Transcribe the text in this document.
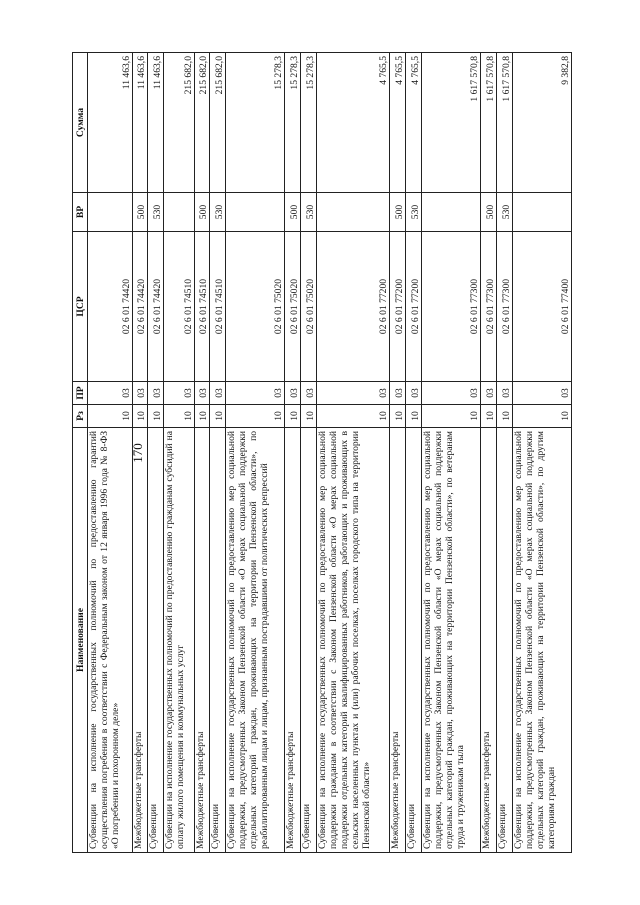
170
Наименование	Рз	ПР	ЦСР	ВР	Сумма
Субвенции на исполнение государственных полномочий по предоставлению гарантий осуществления погребения в соответствии с Федеральным законом от 12 января 1996 года № 8-ФЗ «О погребении и похоронном деле»	10	03	02 6 01 74420		11 463,6
Межбюджетные трансферты	10	03	02 6 01 74420	500	11 463,6
Субвенции	10	03	02 6 01 74420	530	11 463,6
Субвенции на исполнение государственных полномочий по предоставлению гражданам субсидий на оплату жилого помещения и коммунальных услуг	10	03	02 6 01 74510		215 682,0
Межбюджетные трансферты	10	03	02 6 01 74510	500	215 682,0
Субвенции	10	03	02 6 01 74510	530	215 682,0
Субвенции на исполнение государственных полномочий по предоставлению мер социальной поддержки, предусмотренных Законом Пензенской области «О мерах социальной поддержки отдельных категорий граждан, проживающих на территории Пензенской области», по реабилитированным лицам и лицам, признанным пострадавшими от политических репрессий	10	03	02 6 01 75020		15 278,3
Межбюджетные трансферты	10	03	02 6 01 75020	500	15 278,3
Субвенции	10	03	02 6 01 75020	530	15 278,3
Субвенции на исполнение государственных полномочий по предоставлению мер социальной поддержки гражданам в соответствии с Законом Пензенской области «О мерах социальной поддержки отдельных категорий квалифицированных работников, работающих и проживающих в сельских населенных пунктах и (или) рабочих поселках, поселках городского типа на территории Пензенской области»	10	03	02 6 01 77200		4 765,5
Межбюджетные трансферты	10	03	02 6 01 77200	500	4 765,5
Субвенции	10	03	02 6 01 77200	530	4 765,5
Субвенции на исполнение государственных полномочий по предоставлению мер социальной поддержки, предусмотренных Законом Пензенской области «О мерах социальной поддержки отдельных категорий граждан, проживающих на территории Пензенской области», по ветеранам труда и труженикам тыла	10	03	02 6 01 77300		1 617 570,8
Межбюджетные трансферты	10	03	02 6 01 77300	500	1 617 570,8
Субвенции	10	03	02 6 01 77300	530	1 617 570,8
Субвенции на исполнение государственных полномочий по предоставлению мер социальной поддержки, предусмотренных Законом Пензенской области «О мерах социальной поддержки отдельных категорий граждан, проживающих на территории Пензенской области», по другим категориям граждан	10	03	02 6 01 77400		9 382,8
